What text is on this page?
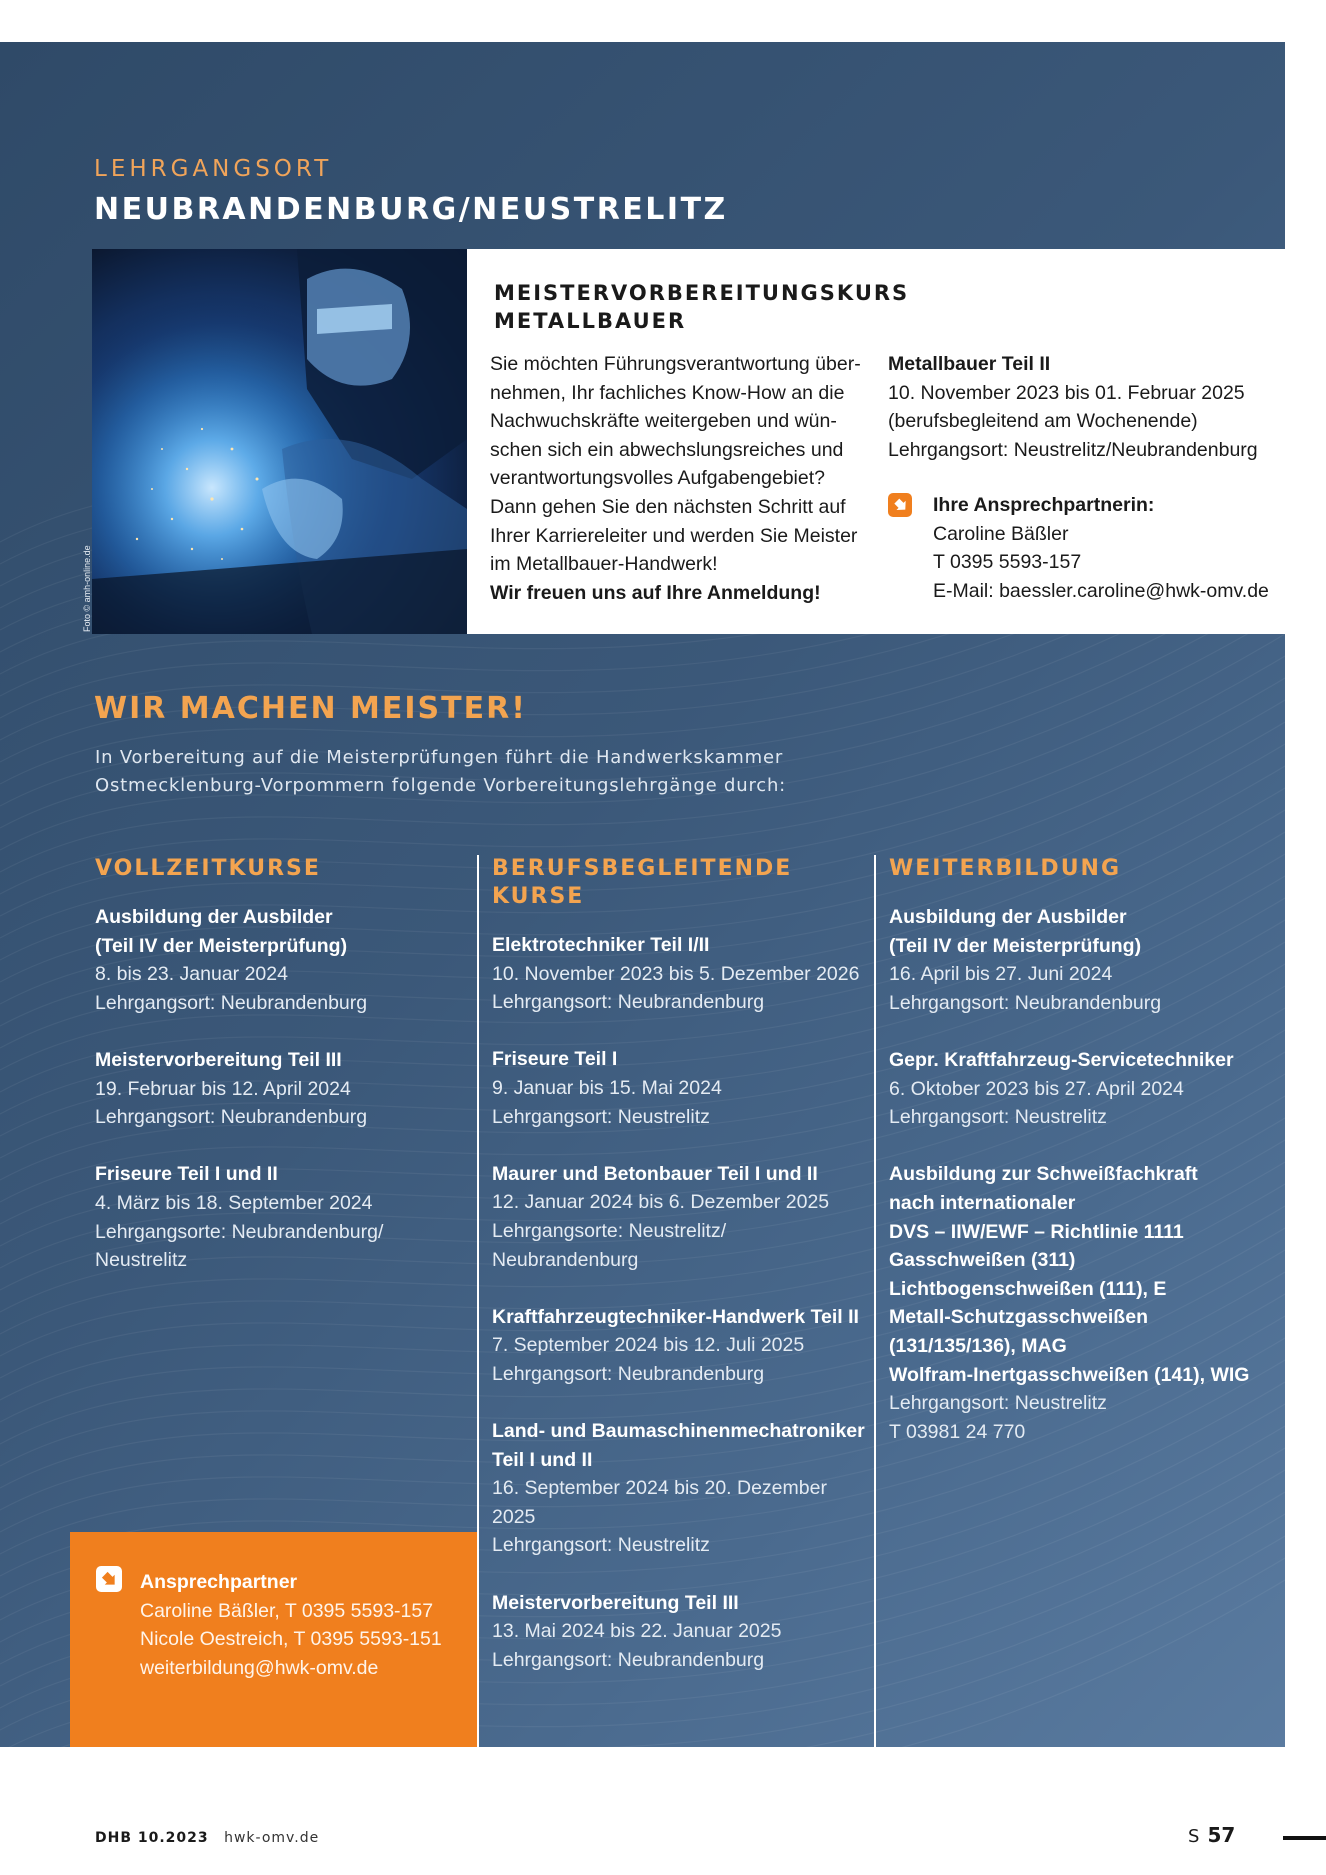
LEHRGANGSORT
NEUBRANDENBURG/NEUSTRELITZ
Foto © amh-online.de
MEISTERVORBEREITUNGSKURS
METALLBAUER
Sie möchten Führungsverantwortung über-
nehmen, Ihr fachliches Know-How an die
Nachwuchskräfte weitergeben und wün-
schen sich ein abwechslungsreiches und
verantwortungsvolles Aufgabengebiet?
Dann gehen Sie den nächsten Schritt auf
Ihrer Karriereleiter und werden Sie Meister
im Metallbauer-Handwerk!
Wir freuen uns auf Ihre Anmeldung!
Metallbauer Teil II
10. November 2023 bis 01. Februar 2025
(berufsbegleitend am Wochenende)
Lehrgangsort: Neustrelitz/Neubrandenburg
Ihre Ansprechpartnerin:
Caroline Bäßler
T 0395 5593-157
E-Mail: baessler.caroline@hwk-omv.de
WIR MACHEN MEISTER!
In Vorbereitung auf die Meisterprüfungen führt die Handwerkskammer
Ostmecklenburg-Vorpommern folgende Vorbereitungslehrgänge durch:
VOLLZEITKURSE
Ausbildung der Ausbilder
(Teil IV der Meisterprüfung)
8. bis 23. Januar 2024
Lehrgangsort: Neubrandenburg
Meistervorbereitung Teil III
19. Februar bis 12. April 2024
Lehrgangsort: Neubrandenburg
Friseure Teil I und II
4. März bis 18. September 2024
Lehrgangsorte: Neubrandenburg/
Neustrelitz
BERUFSBEGLEITENDE
KURSE
Elektrotechniker Teil I/II
10. November 2023 bis 5. Dezember 2026
Lehrgangsort: Neubrandenburg
Friseure Teil I
9. Januar bis 15. Mai 2024
Lehrgangsort: Neustrelitz
Maurer und Betonbauer Teil I und II
12. Januar 2024 bis 6. Dezember 2025
Lehrgangsorte: Neustrelitz/
Neubrandenburg
Kraftfahrzeugtechniker-Handwerk Teil II
7. September 2024 bis 12. Juli 2025
Lehrgangsort: Neubrandenburg
Land- und Baumaschinenmechatroniker
Teil I und II
16. September 2024 bis 20. Dezember 2025
Lehrgangsort: Neustrelitz
Meistervorbereitung Teil III
13. Mai 2024 bis 22. Januar 2025
Lehrgangsort: Neubrandenburg
WEITERBILDUNG
Ausbildung der Ausbilder
(Teil IV der Meisterprüfung)
16. April bis 27. Juni 2024
Lehrgangsort: Neubrandenburg
Gepr. Kraftfahrzeug-Servicetechniker
6. Oktober 2023 bis 27. April 2024
Lehrgangsort: Neustrelitz
Ausbildung zur Schweißfachkraft
nach internationaler
DVS – IIW/EWF – Richtlinie 1111
Gasschweißen (311)
Lichtbogenschweißen (111), E
Metall-Schutzgasschweißen
(131/135/136), MAG
Wolfram-Inertgasschweißen (141), WIG
Lehrgangsort: Neustrelitz
T 03981 24 770
Ansprechpartner
Caroline Bäßler, T 0395 5593-157
Nicole Oestreich, T 0395 5593-151
weiterbildung@hwk-omv.de
DHB 10.2023 hwk-omv.de	S 57
